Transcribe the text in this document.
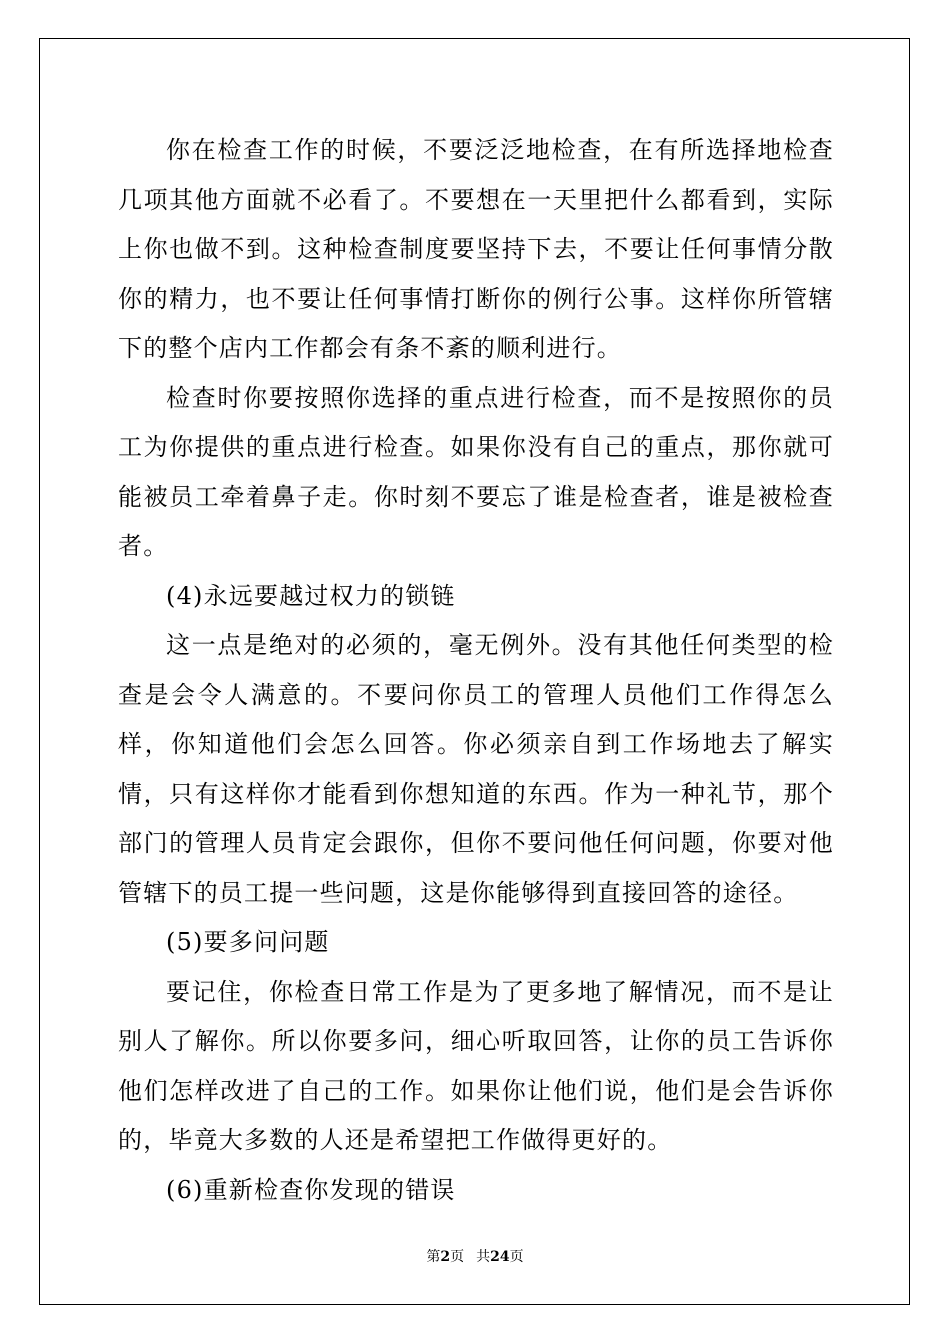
你在检查工作的时候，不要泛泛地检查，在有所选择地检查几项其他方面就不必看了。不要想在一天里把什么都看到，实际上你也做不到。这种检查制度要坚持下去，不要让任何事情分散你的精力，也不要让任何事情打断你的例行公事。这样你所管辖下的整个店内工作都会有条不紊的顺利进行。

检查时你要按照你选择的重点进行检查，而不是按照你的员工为你提供的重点进行检查。如果你没有自己的重点，那你就可能被员工牵着鼻子走。你时刻不要忘了谁是检查者，谁是被检查者。

(4)永远要越过权力的锁链

这一点是绝对的必须的，毫无例外。没有其他任何类型的检查是会令人满意的。不要问你员工的管理人员他们工作得怎么样，你知道他们会怎么回答。你必须亲自到工作场地去了解实情，只有这样你才能看到你想知道的东西。作为一种礼节，那个部门的管理人员肯定会跟你，但你不要问他任何问题，你要对他管辖下的员工提一些问题，这是你能够得到直接回答的途径。

(5)要多问问题

要记住，你检查日常工作是为了更多地了解情况，而不是让别人了解你。所以你要多问，细心听取回答，让你的员工告诉你他们怎样改进了自己的工作。如果你让他们说，他们是会告诉你的，毕竟大多数的人还是希望把工作做得更好的。

(6)重新检查你发现的错误

第2页 共24页
